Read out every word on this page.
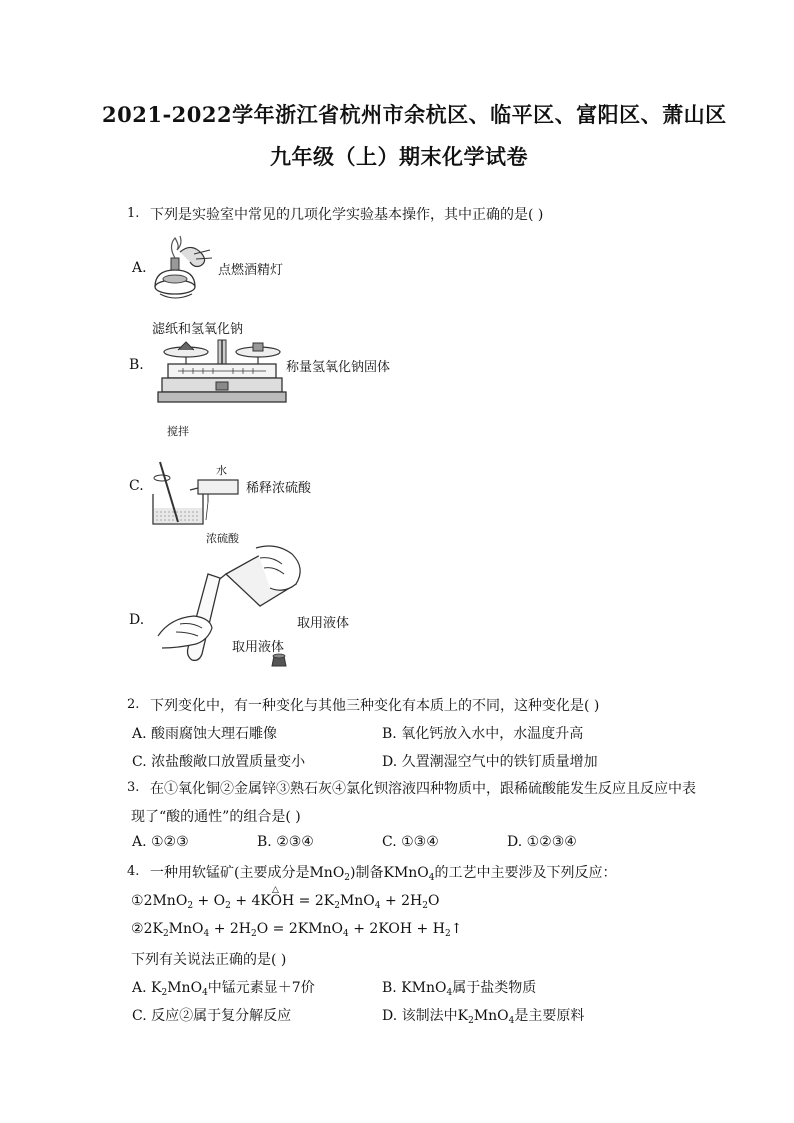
2021-2022学年浙江省杭州市余杭区、临平区、富阳区、萧山区
九年级（上）期末化学试卷
1. 下列是实验室中常见的几项化学实验基本操作，其中正确的是( )
A.	点燃酒精灯
滤纸和氢氧化钠
B.	称量氢氧化钠固体
搅拌
C.
水
稀释浓硫酸
浓硫酸
D.	取用液体
取用液体
2. 下列变化中，有一种变化与其他三种变化有本质上的不同，这种变化是( )
A. 酸雨腐蚀大理石雕像	B. 氧化钙放入水中，水温度升高
C. 浓盐酸敞口放置质量变小	D. 久置潮湿空气中的铁钉质量增加
3. 在①氧化铜②金属锌③熟石灰④氯化钡溶液四种物质中，跟稀硫酸能发生反应且反应中表
现了“酸的通性”的组合是( )
A. ①②③	B. ②③④	C. ①③④	D. ①②③④
4. 一种用软锰矿(主要成分是MnO$_2$)制备KMnO$_4$的工艺中主要涉及下列反应：
△
①2MnO$_2$ + $O_2 + 4KOH = 2K_2MnO_4 + 2H_2O$
$②2K_2MnO_4 + 2H_2O$ = 2KMnO$_4$ + $2KOH + H_2↑$
下列有关说法正确的是( )
A. $K_2MnO_4$中锰元素显＋7价	B. KMnO$_4$属于盐类物质
C. 反应②属于复分解反应	D. 该制法中$K_2MnO_4$是主要原料
